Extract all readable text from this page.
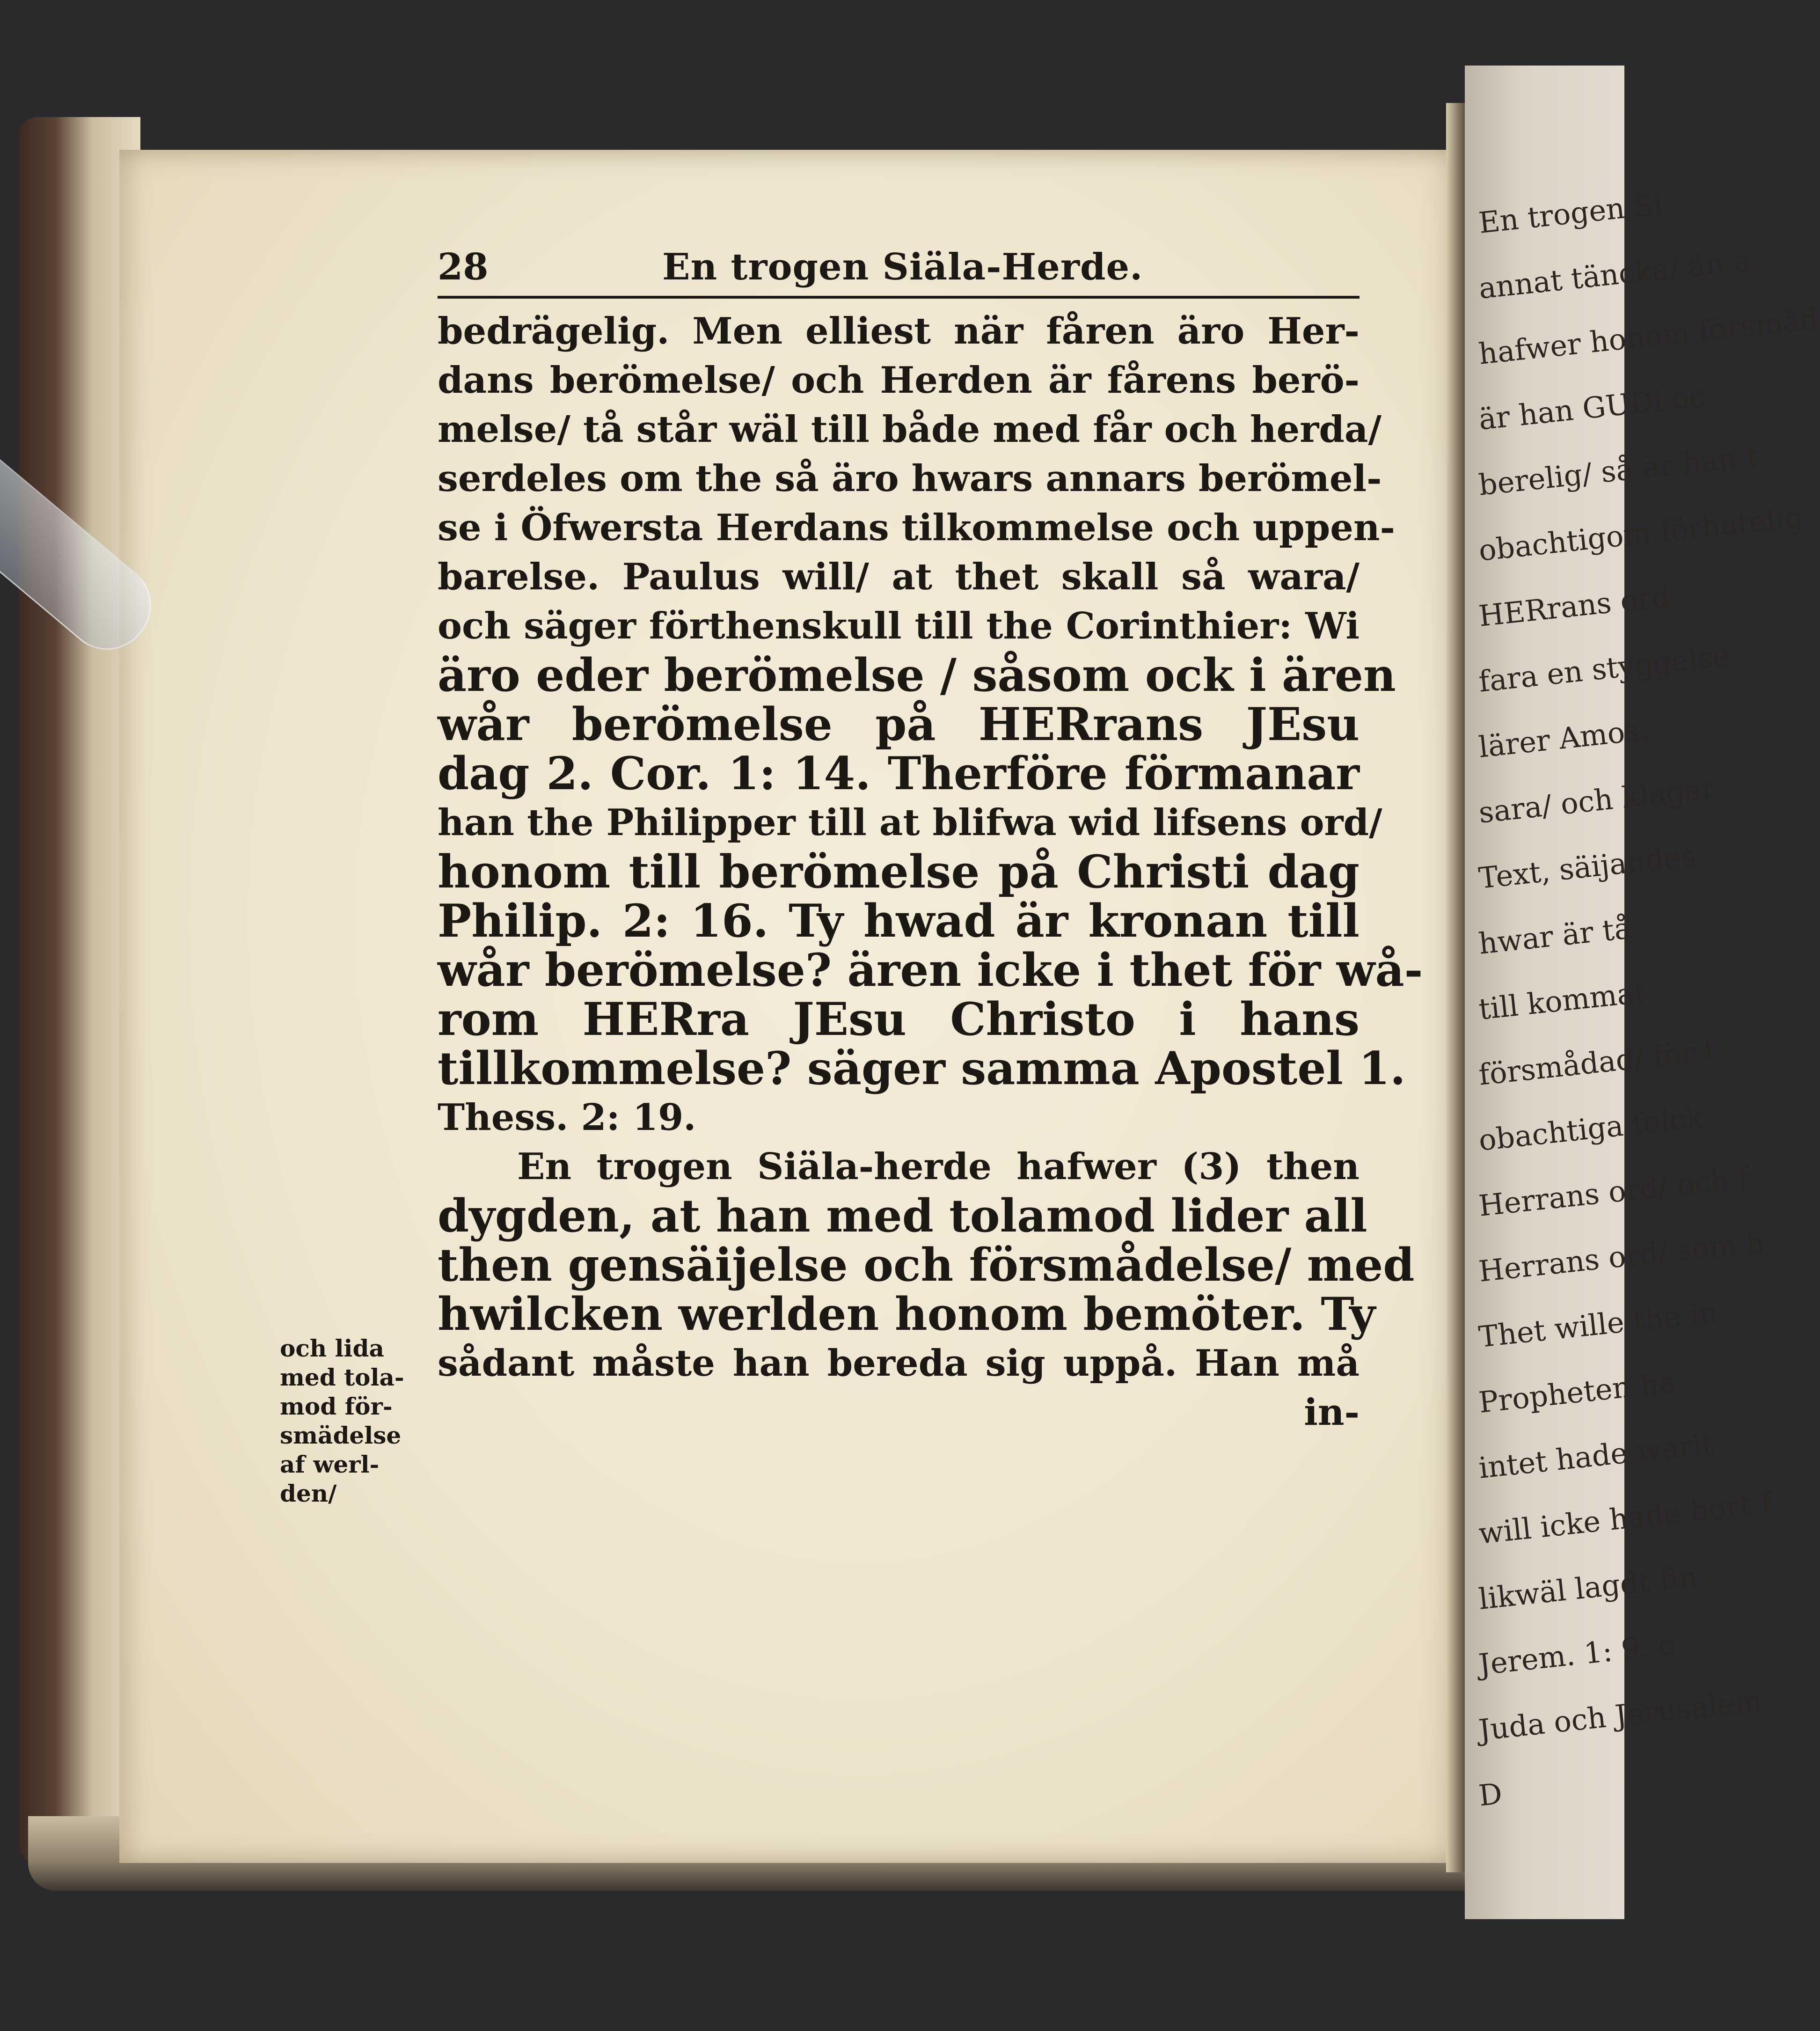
En trogen Si
annat täncka/ än a
hafwer honom försmåd
är han GUDi oc
berelig/ så är han t
obachtigom förhatelig
HERrans ord
fara en styggelse
lärer Amos.
sara/ och klagar
Text, säijandes
hwar är tå
till kommat.
försmådad/ för t
obachtiga folck
Herrans ord/ och f
Herrans ord/ som h
Thet wille the in
Propheten ha
intet hade warit
will icke hade bort f
likwäl lagdt fin
Jerem. 1: 9. o
Juda och Jerusalem
D
28	En trogen Siäla-Herde.
bedrägelig. Men elliest när fåren äro Her-
dans berömelse/ och Herden är fårens berö-
melse/ tå står wäl till både med får och herda/
serdeles om the så äro hwars annars berömel-
se i Öfwersta Herdans tilkommelse och uppen-
barelse. Paulus will/ at thet skall så wara/
och säger förthenskull till the Corinthier: Wi
äro eder berömelse / såsom ock i ären
wår berömelse på HERrans JEsu
dag 2. Cor. 1: 14. Therföre förmanar
han the Philipper till at blifwa wid lifsens ord/
honom till berömelse på Christi dag
Philip. 2: 16. Ty hwad är kronan till
wår berömelse? ären icke i thet för wå-
rom HERra JEsu Christo i hans
tillkommelse? säger samma Apostel 1.
Thess. 2: 19.
En trogen Siäla-herde hafwer (3) then
dygden, at han med tolamod lider all
then gensäijelse och försmådelse/ med
hwilcken werlden honom bemöter. Ty
sådant måste han bereda sig uppå. Han må
in-
och lida
med tola-
mod för-
smädelse
af werl-
den/
